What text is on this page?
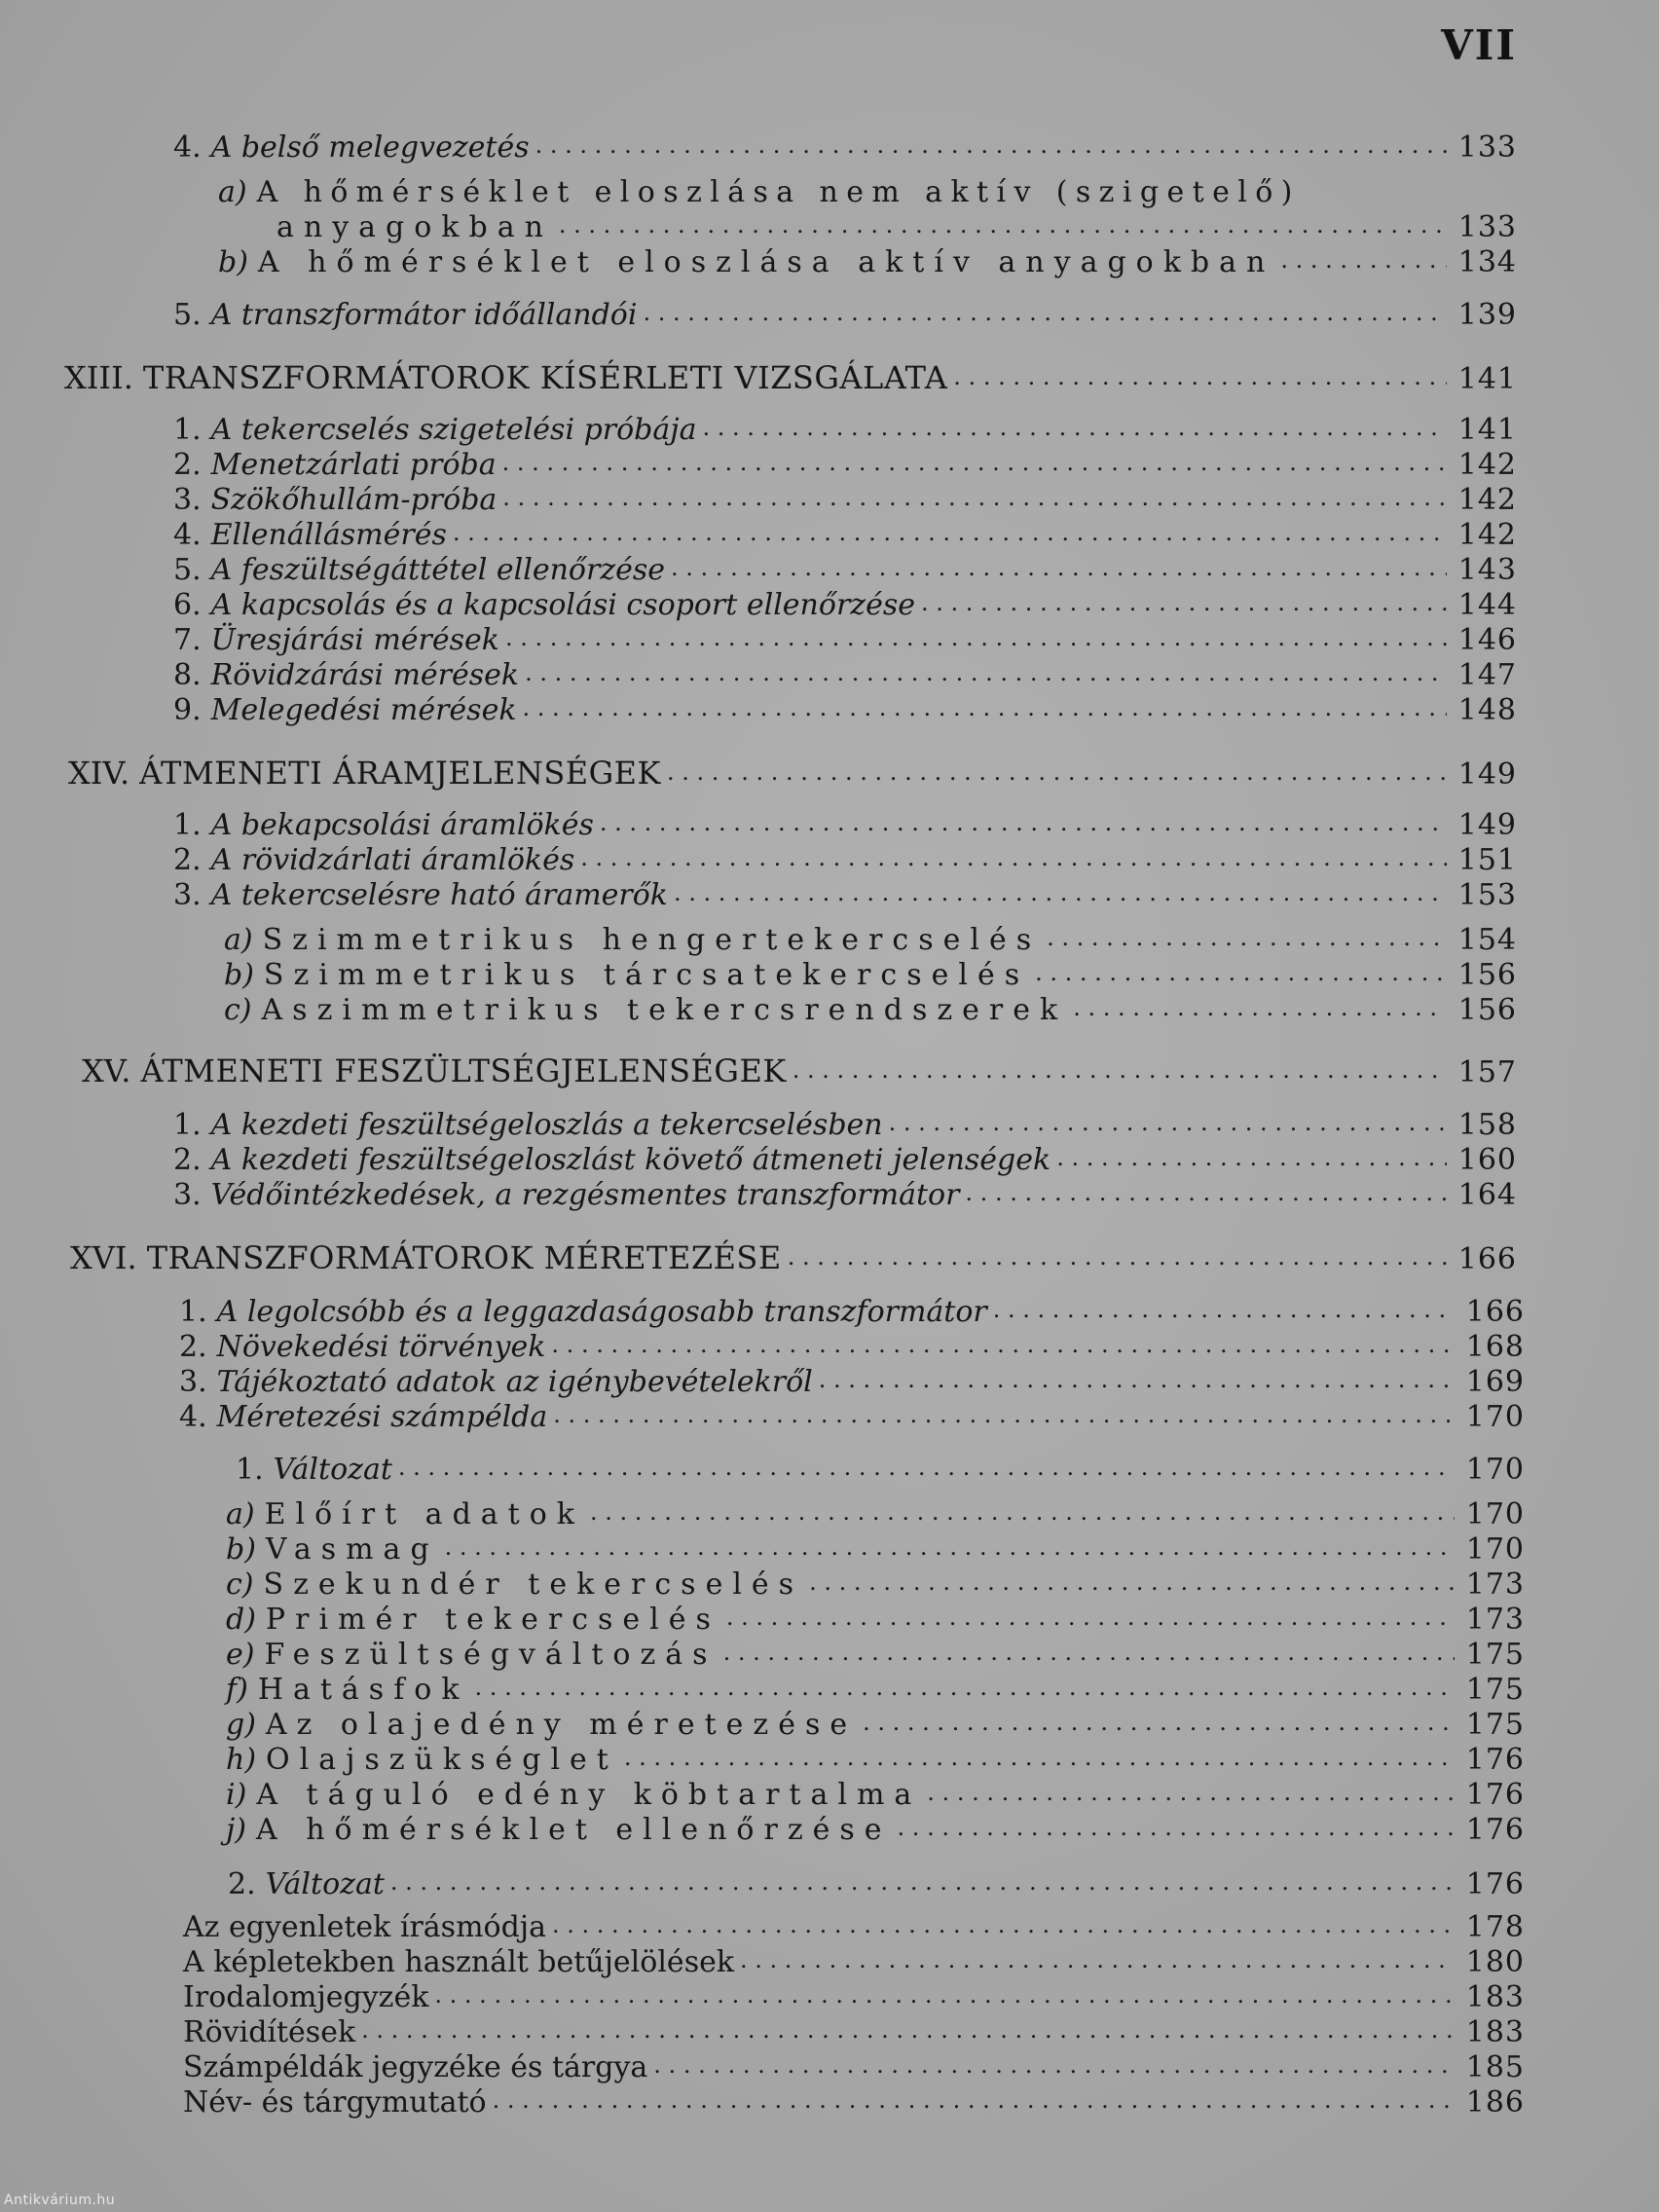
VII
4. A belső melegvezetés . . .	133
a) A hőmérséklet eloszlása nem aktív (szigetelő)
anyagokban . . .	133
b) A hőmérséklet eloszlása aktív anyagokban . . .	134
5. A transzformátor időállandói . . .	139
XIII. TRANSZFORMÁTOROK KÍSÉRLETI VIZSGÁLATA . . .	141
1. A tekercselés szigetelési próbája . . .	141
2. Menetzárlati próba . . .	142
3. Szökőhullám-próba . . .	142
4. Ellenállásmérés . . .	142
5. A feszültségáttétel ellenőrzése . . .	143
6. A kapcsolás és a kapcsolási csoport ellenőrzése . . .	144
7. Üresjárási mérések . . .	146
8. Rövidzárási mérések . . .	147
9. Melegedési mérések . . .	148
XIV. ÁTMENETI ÁRAMJELENSÉGEK . . .	149
1. A bekapcsolási áramlökés . . .	149
2. A rövidzárlati áramlökés . . .	151
3. A tekercselésre ható áramerők . . .	153
a) Szimmetrikus hengertekercselés . . .	154
b) Szimmetrikus tárcsatekercselés . . .	156
c) Aszimmetrikus tekercsrendszerek . . .	156
XV. ÁTMENETI FESZÜLTSÉGJELENSÉGEK . . .	157
1. A kezdeti feszültségeloszlás a tekercselésben . . .	158
2. A kezdeti feszültségeloszlást követő átmeneti jelenségek . . .	160
3. Védőintézkedések, a rezgésmentes transzformátor . . .	164
XVI. TRANSZFORMÁTOROK MÉRETEZÉSE . . .	166
1. A legolcsóbb és a leggazdaságosabb transzformátor . . .	166
2. Növekedési törvények . . .	168
3. Tájékoztató adatok az igénybevételekről . . .	169
4. Méretezési számpélda . . .	170
1. Változat . . .	170
a) Előírt adatok . . .	170
b) Vasmag . . .	170
c) Szekundér tekercselés . . .	173
d) Primér tekercselés . . .	173
e) Feszültségváltozás . . .	175
f) Hatásfok . . .	175
g) Az olajedény méretezése . . .	175
h) Olajszükséglet . . .	176
i) A táguló edény köbtartalma . . .	176
j) A hőmérséklet ellenőrzése . . .	176
2. Változat . . .	176
Az egyenletek írásmódja . . .	178
A képletekben használt betűjelölések . . .	180
Irodalomjegyzék . . .	183
Rövidítések . . .	183
Számpéldák jegyzéke és tárgya . . .	185
Név- és tárgymutató . . .	186
Antikvárium.hu
